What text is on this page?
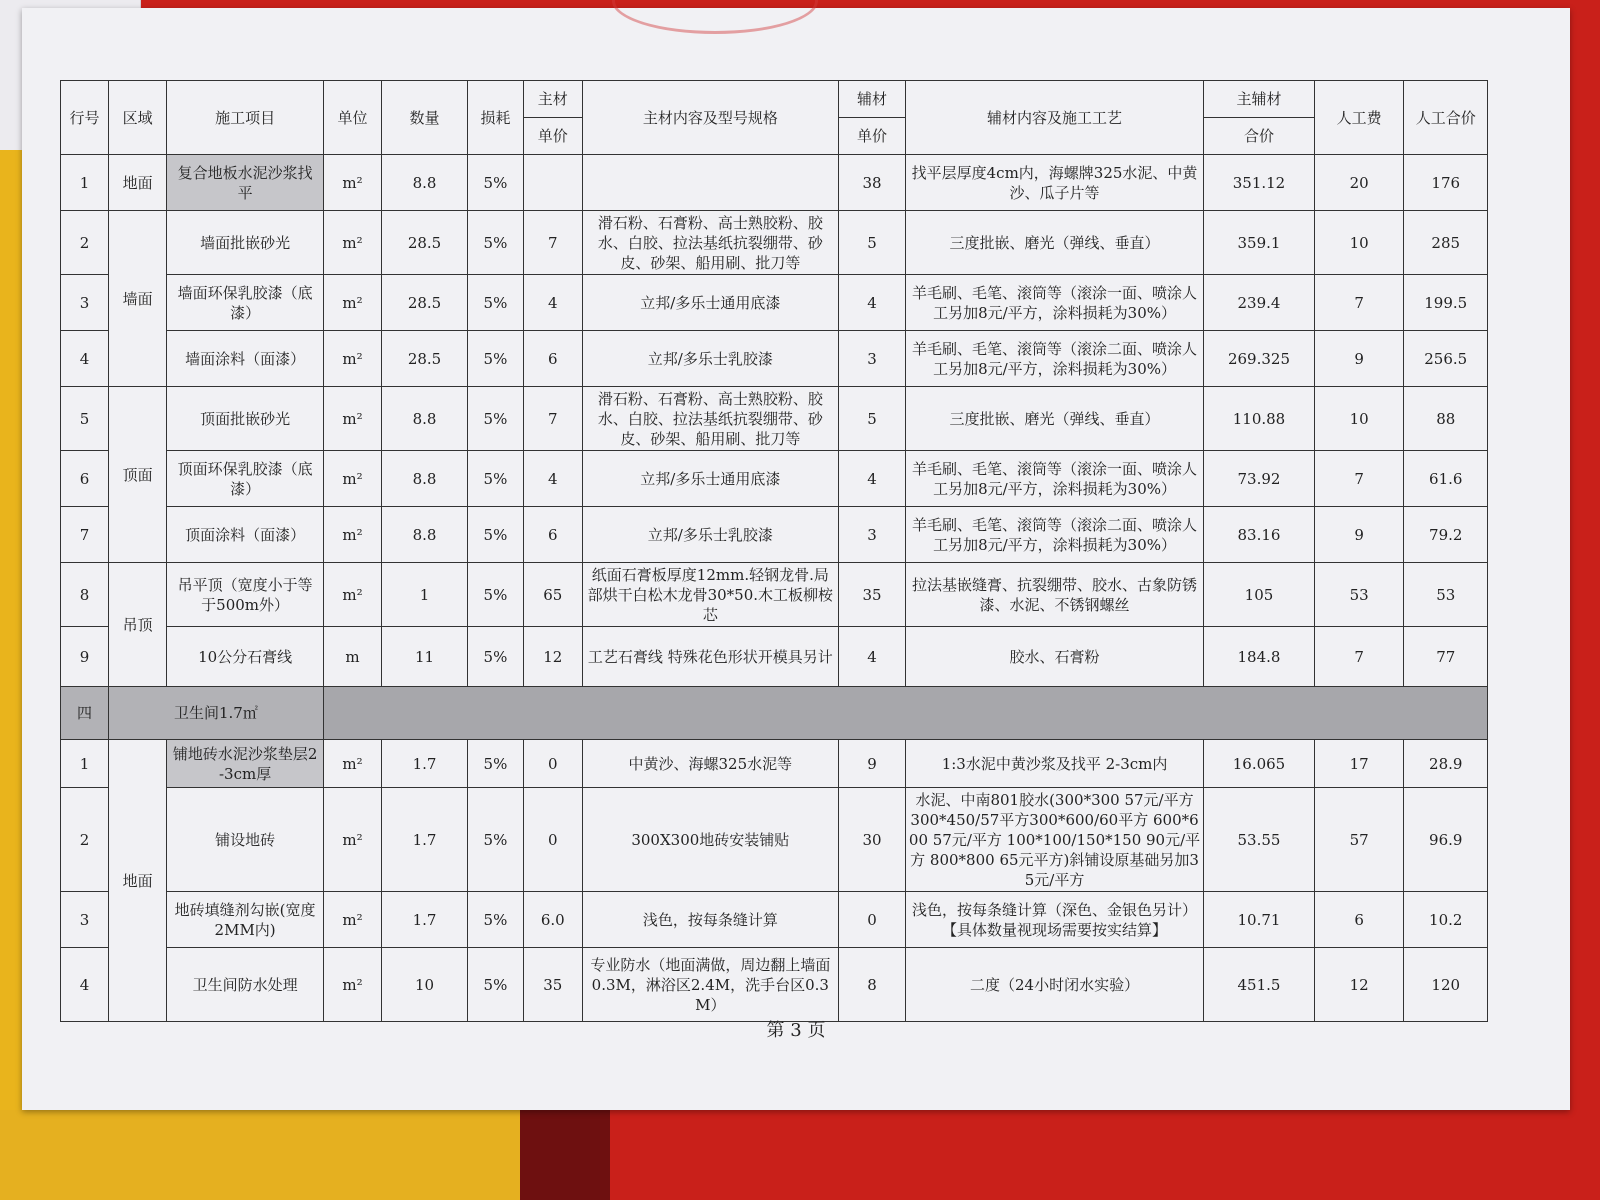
行号	区域	施工项目	单位	数量	损耗	主材	主材内容及型号规格	辅材	辅材内容及施工工艺	主辅材	人工费	人工合价
						单价		单价		合价		
1	地面	复合地板水泥沙浆找平	m²	8.8	5%			38	找平层厚度4cm内，海螺牌325水泥、中黄沙、瓜子片等	351.12	20	176
2	墙面	墙面批嵌砂光	m²	28.5	5%	7	滑石粉、石膏粉、高士熟胶粉、胶水、白胶、拉法基纸抗裂绷带、砂皮、砂架、船用刷、批刀等	5	三度批嵌、磨光（弹线、垂直）	359.1	10	285
3		墙面环保乳胶漆（底漆）	m²	28.5	5%	4	立邦/多乐士通用底漆	4	羊毛刷、毛笔、滚筒等（滚涂一面、喷涂人工另加8元/平方，涂料损耗为30%）	239.4	7	199.5
4		墙面涂料（面漆）	m²	28.5	5%	6	立邦/多乐士乳胶漆	3	羊毛刷、毛笔、滚筒等（滚涂二面、喷涂人工另加8元/平方，涂料损耗为30%）	269.325	9	256.5
5	顶面	顶面批嵌砂光	m²	8.8	5%	7	滑石粉、石膏粉、高士熟胶粉、胶水、白胶、拉法基纸抗裂绷带、砂皮、砂架、船用刷、批刀等	5	三度批嵌、磨光（弹线、垂直）	110.88	10	88
6		顶面环保乳胶漆（底漆）	m²	8.8	5%	4	立邦/多乐士通用底漆	4	羊毛刷、毛笔、滚筒等（滚涂一面、喷涂人工另加8元/平方，涂料损耗为30%）	73.92	7	61.6
7		顶面涂料（面漆）	m²	8.8	5%	6	立邦/多乐士乳胶漆	3	羊毛刷、毛笔、滚筒等（滚涂二面、喷涂人工另加8元/平方，涂料损耗为30%）	83.16	9	79.2
8	吊顶	吊平顶（宽度小于等于500m外）	m²	1	5%	65	纸面石膏板厚度12mm.轻钢龙骨.局部烘干白松木龙骨30*50.木工板柳桉芯	35	拉法基嵌缝膏、抗裂绷带、胶水、古象防锈漆、水泥、不锈钢螺丝	105	53	53
9		10公分石膏线	m	11	5%	12	工艺石膏线 特殊花色形状开模具另计	4	胶水、石膏粉	184.8	7	77
四	卫生间1.7㎡											
1	地面	铺地砖水泥沙浆垫层2-3cm厚	m²	1.7	5%	0	中黄沙、海螺325水泥等	9	1:3水泥中黄沙浆及找平 2-3cm内	16.065	17	28.9
2		铺设地砖	m²	1.7	5%	0	300X300地砖安装铺贴	30	水泥、中南801胶水(300*300 57元/平方 300*450/57平方300*600/60平方 600*600 57元/平方 100*100/150*150 90元/平方 800*800 65元平方)斜铺设原基础另加35元/平方	53.55	57	96.9
3		地砖填缝剂勾嵌(宽度2MM内)	m²	1.7	5%	6.0	浅色，按每条缝计算	0	浅色，按每条缝计算（深色、金银色另计）【具体数量视现场需要按实结算】	10.71	6	10.2
4		卫生间防水处理	m²	10	5%	35	专业防水（地面满做，周边翻上墙面0.3M，淋浴区2.4M，洗手台区0.3M）	8	二度（24小时闭水实验）	451.5	12	120
第 3 页
